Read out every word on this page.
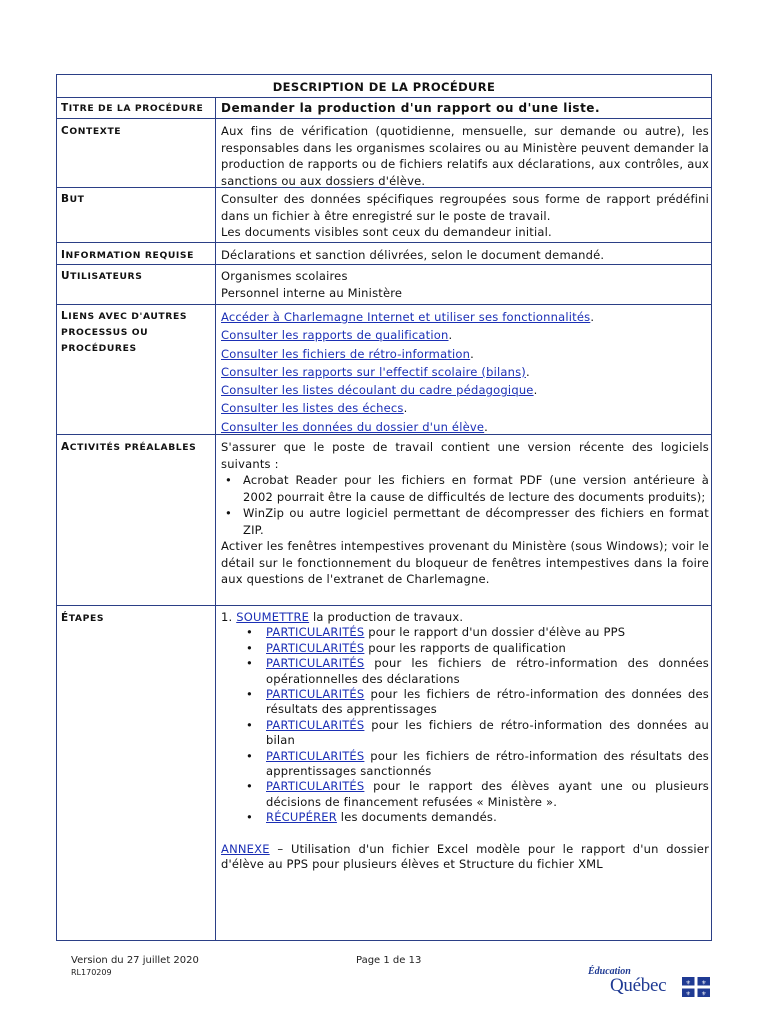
DESCRIPTION DE LA PROCÉDURE
TITRE DE LA PROCÉDURE	Demander la production d'un rapport ou d'une liste.
CONTEXTE	Aux fins de vérification (quotidienne, mensuelle, sur demande ou autre), les responsables dans les organismes scolaires ou au Ministère peuvent demander la production de rapports ou de fichiers relatifs aux déclarations, aux contrôles, aux sanctions ou aux dossiers d'élève.
BUT	Consulter des données spécifiques regroupées sous forme de rapport prédéfini dans un fichier à être enregistré sur le poste de travail.
Les documents visibles sont ceux du demandeur initial.
INFORMATION REQUISE	Déclarations et sanction délivrées, selon le document demandé.
UTILISATEURS	Organismes scolaires
Personnel interne au Ministère
LIENS AVEC D'AUTRES PROCESSUS OU PROCÉDURES
Accéder à Charlemagne Internet et utiliser ses fonctionnalités.
Consulter les rapports de qualification.
Consulter les fichiers de rétro-information.
Consulter les rapports sur l'effectif scolaire (bilans).
Consulter les listes découlant du cadre pédagogique.
Consulter les listes des échecs.
Consulter les données du dossier d'un élève.
ACTIVITÉS PRÉALABLES	S'assurer que le poste de travail contient une version récente des logiciels suivants :
• Acrobat Reader pour les fichiers en format PDF (une version antérieure à 2002 pourrait être la cause de difficultés de lecture des documents produits);
• WinZip ou autre logiciel permettant de décompresser des fichiers en format ZIP.
Activer les fenêtres intempestives provenant du Ministère (sous Windows); voir le détail sur le fonctionnement du bloqueur de fenêtres intempestives dans la foire aux questions de l'extranet de Charlemagne.
ÉTAPES	1. SOUMETTRE la production de travaux.
• PARTICULARITÉS pour le rapport d'un dossier d'élève au PPS
• PARTICULARITÉS pour les rapports de qualification
• PARTICULARITÉS pour les fichiers de rétro-information des données opérationnelles des déclarations
• PARTICULARITÉS pour les fichiers de rétro-information des données des résultats des apprentissages
• PARTICULARITÉS pour les fichiers de rétro-information des données au bilan
• PARTICULARITÉS pour les fichiers de rétro-information des résultats des apprentissages sanctionnés
• PARTICULARITÉS pour le rapport des élèves ayant une ou plusieurs décisions de financement refusées « Ministère ».
• RÉCUPÉRER les documents demandés.
ANNEXE – Utilisation d'un fichier Excel modèle pour le rapport d'un dossier d'élève au PPS pour plusieurs élèves et Structure du fichier XML
Version du 27 juillet 2020
RL170209
Page 1 de 13
Éducation
Québec	⚜ ⚜
⚜ ⚜
